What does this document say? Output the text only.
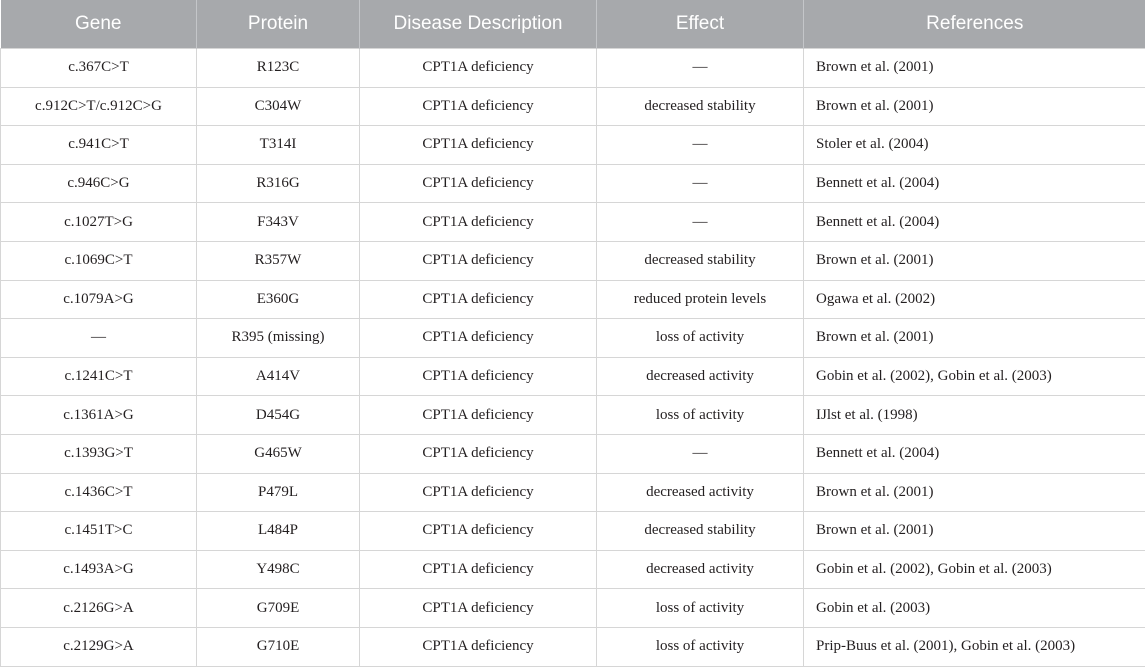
Gene	Protein	Disease Description	Effect	References
c.367C>T	R123C	CPT1A deficiency	—	Brown et al. (2001)
c.912C>T/c.912C>G	C304W	CPT1A deficiency	decreased stability	Brown et al. (2001)
c.941C>T	T314I	CPT1A deficiency	—	Stoler et al. (2004)
c.946C>G	R316G	CPT1A deficiency	—	Bennett et al. (2004)
c.1027T>G	F343V	CPT1A deficiency	—	Bennett et al. (2004)
c.1069C>T	R357W	CPT1A deficiency	decreased stability	Brown et al. (2001)
c.1079A>G	E360G	CPT1A deficiency	reduced protein levels	Ogawa et al. (2002)
—	R395 (missing)	CPT1A deficiency	loss of activity	Brown et al. (2001)
c.1241C>T	A414V	CPT1A deficiency	decreased activity	Gobin et al. (2002), Gobin et al. (2003)
c.1361A>G	D454G	CPT1A deficiency	loss of activity	IJlst et al. (1998)
c.1393G>T	G465W	CPT1A deficiency	—	Bennett et al. (2004)
c.1436C>T	P479L	CPT1A deficiency	decreased activity	Brown et al. (2001)
c.1451T>C	L484P	CPT1A deficiency	decreased stability	Brown et al. (2001)
c.1493A>G	Y498C	CPT1A deficiency	decreased activity	Gobin et al. (2002), Gobin et al. (2003)
c.2126G>A	G709E	CPT1A deficiency	loss of activity	Gobin et al. (2003)
c.2129G>A	G710E	CPT1A deficiency	loss of activity	Prip-Buus et al. (2001), Gobin et al. (2003)
